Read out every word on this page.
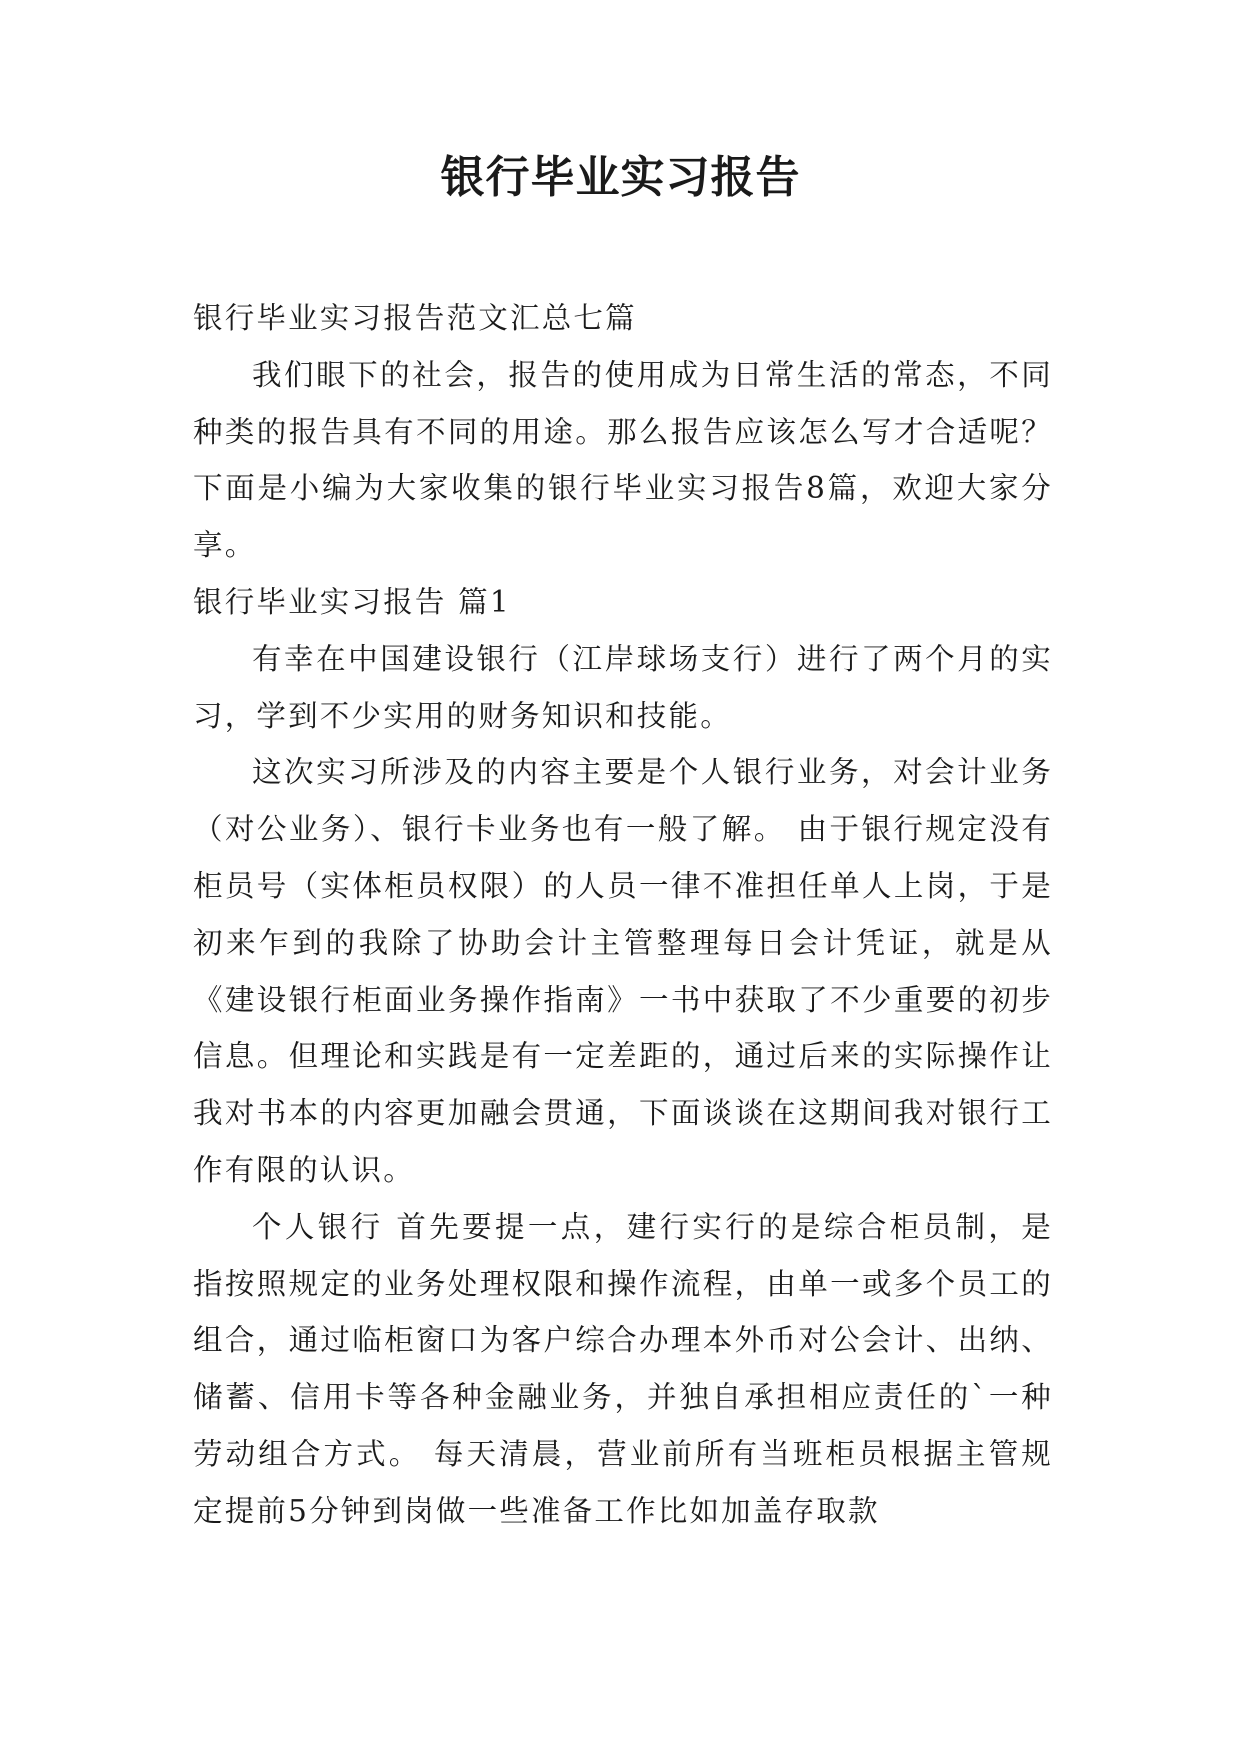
银行毕业实习报告

银行毕业实习报告范文汇总七篇

我们眼下的社会，报告的使用成为日常生活的常态，不同种类的报告具有不同的用途。那么报告应该怎么写才合适呢？下面是小编为大家收集的银行毕业实习报告8篇，欢迎大家分享。

银行毕业实习报告 篇1

有幸在中国建设银行（江岸球场支行）进行了两个月的实习，学到不少实用的财务知识和技能。

这次实习所涉及的内容主要是个人银行业务，对会计业务（对公业务）、银行卡业务也有一般了解。 由于银行规定没有柜员号（实体柜员权限）的人员一律不准担任单人上岗，于是初来乍到的我除了协助会计主管整理每日会计凭证，就是从《建设银行柜面业务操作指南》一书中获取了不少重要的初步信息。但理论和实践是有一定差距的，通过后来的实际操作让我对书本的内容更加融会贯通，下面谈谈在这期间我对银行工作有限的认识。

个人银行 首先要提一点，建行实行的是综合柜员制，是指按照规定的业务处理权限和操作流程，由单一或多个员工的组合，通过临柜窗口为客户综合办理本外币对公会计、出纳、储蓄、信用卡等各种金融业务，并独自承担相应责任的`一种劳动组合方式。 每天清晨，营业前所有当班柜员根据主管规定提前5分钟到岗做一些准备工作比如加盖存取款
